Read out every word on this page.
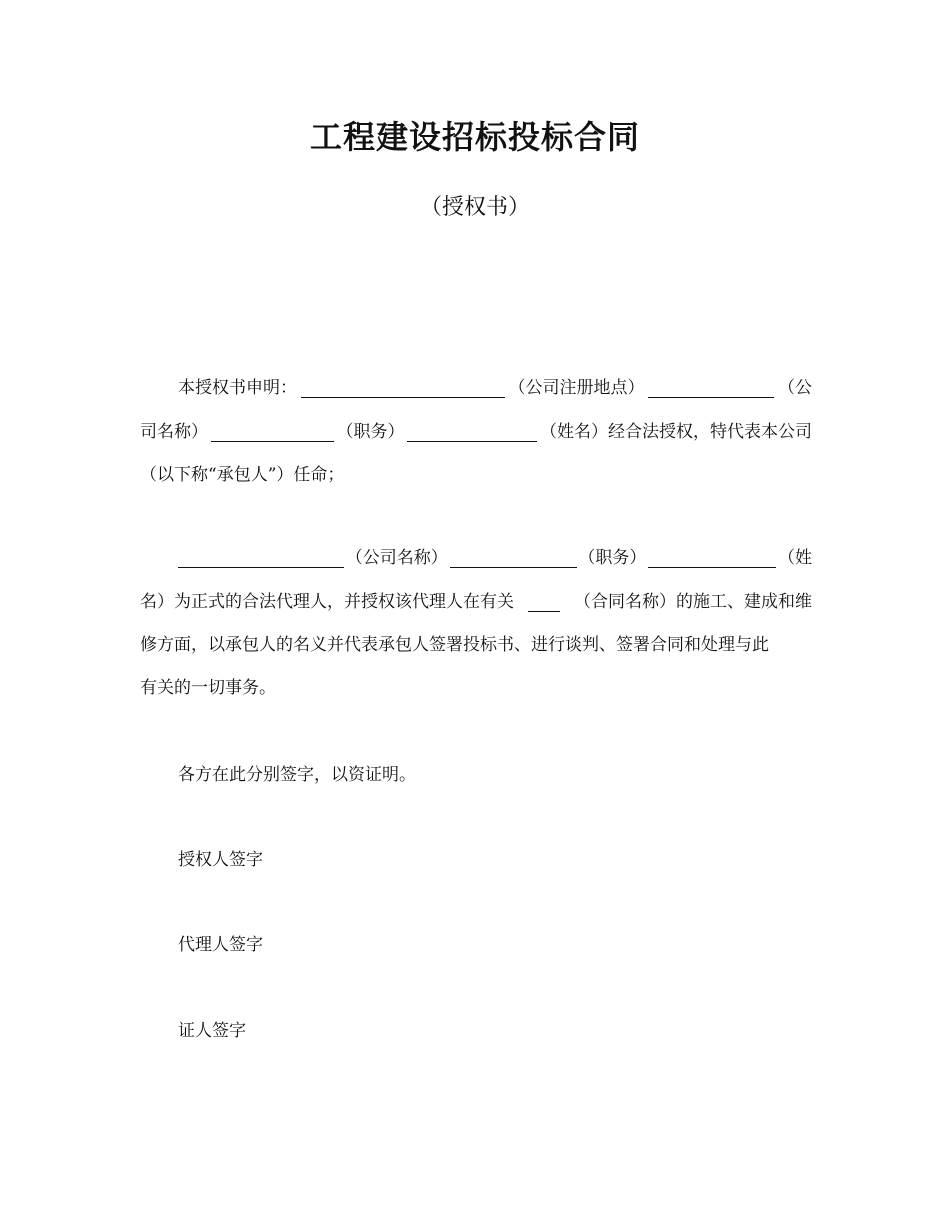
工程建设招标投标合同
（授权书）
本授权书申明：	（公司注册地点）	（公
司名称）	（职务）	（姓名）经合法授权，特代表本公司
（以下称“承包人”）任命；
（公司名称）	（职务）	（姓
名）为正式的合法代理人，并授权该代理人在有关	（合同名称）的施工、建成和维
修方面，以承包人的名义并代表承包人签署投标书、进行谈判、签署合同和处理与此
有关的一切事务。
各方在此分别签字，以资证明。
授权人签字
代理人签字
证人签字
